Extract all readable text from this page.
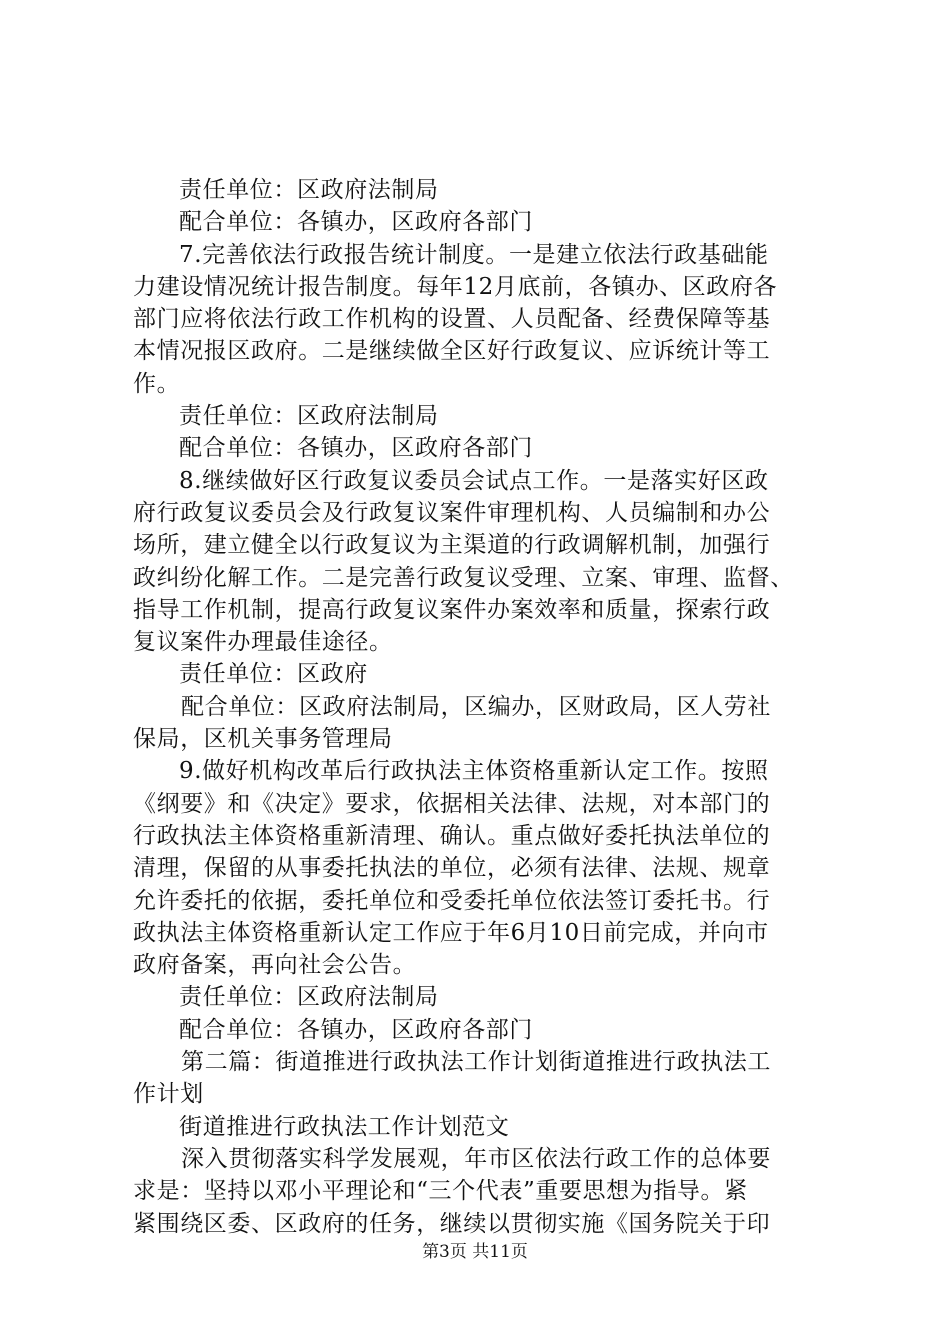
责任单位：区政府法制局
配合单位：各镇办，区政府各部门
7.完善依法行政报告统计制度。一是建立依法行政基础能
力建设情况统计报告制度。每年12月底前，各镇办、区政府各
部门应将依法行政工作机构的设置、人员配备、经费保障等基
本情况报区政府。二是继续做全区好行政复议、应诉统计等工
作。
责任单位：区政府法制局
配合单位：各镇办，区政府各部门
8.继续做好区行政复议委员会试点工作。一是落实好区政
府行政复议委员会及行政复议案件审理机构、人员编制和办公
场所，建立健全以行政复议为主渠道的行政调解机制，加强行
政纠纷化解工作。二是完善行政复议受理、立案、审理、监督、
指导工作机制，提高行政复议案件办案效率和质量，探索行政
复议案件办理最佳途径。
责任单位：区政府
配合单位：区政府法制局，区编办，区财政局，区人劳社
保局，区机关事务管理局
9.做好机构改革后行政执法主体资格重新认定工作。按照
《纲要》和《决定》要求，依据相关法律、法规，对本部门的
行政执法主体资格重新清理、确认。重点做好委托执法单位的
清理，保留的从事委托执法的单位，必须有法律、法规、规章
允许委托的依据，委托单位和受委托单位依法签订委托书。行
政执法主体资格重新认定工作应于年6月10日前完成，并向市
政府备案，再向社会公告。
责任单位：区政府法制局
配合单位：各镇办，区政府各部门
第二篇：街道推进行政执法工作计划街道推进行政执法工
作计划
街道推进行政执法工作计划范文
深入贯彻落实科学发展观，年市区依法行政工作的总体要
求是：坚持以邓小平理论和“三个代表”重要思想为指导。紧
紧围绕区委、区政府的任务，继续以贯彻实施《国务院关于印
第3页 共11页
